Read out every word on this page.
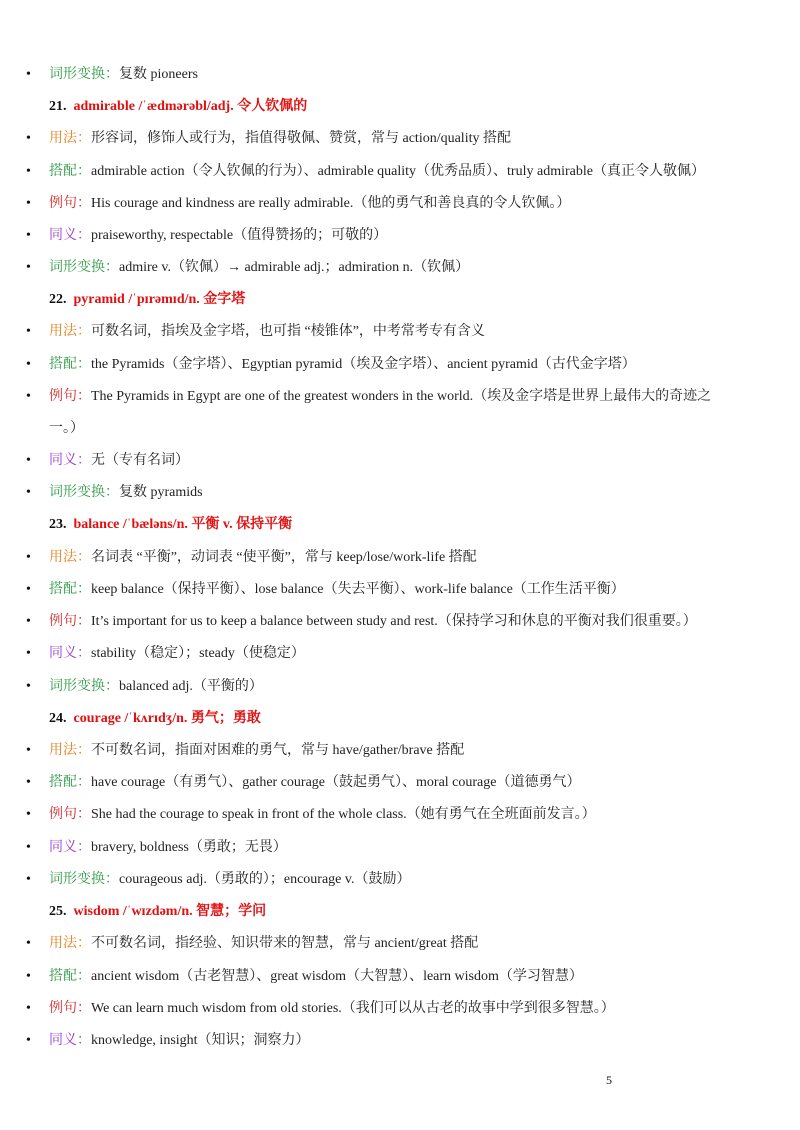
• 词形变换：复数 pioneers
21. admirable /ˈædmərəbl/adj. 令人钦佩的
• 用法：形容词，修饰人或行为，指值得敬佩、赞赏，常与 action/quality 搭配
• 搭配：admirable action（令人钦佩的行为）、admirable quality（优秀品质）、truly admirable（真正令人敬佩）
• 例句：His courage and kindness are really admirable.（他的勇气和善良真的令人钦佩。）
• 同义：praiseworthy, respectable（值得赞扬的；可敬的）
• 词形变换：admire v.（钦佩）→ admirable adj.；admiration n.（钦佩）
22. pyramid /ˈpɪrəmɪd/n. 金字塔
• 用法：可数名词，指埃及金字塔，也可指 “棱锥体”，中考常考专有含义
• 搭配：the Pyramids（金字塔）、Egyptian pyramid（埃及金字塔）、ancient pyramid（古代金字塔）
• 例句：The Pyramids in Egypt are one of the greatest wonders in the world.（埃及金字塔是世界上最伟大的奇迹之
一。）
• 同义：无（专有名词）
• 词形变换：复数 pyramids
23. balance /ˈbæləns/n. 平衡 v. 保持平衡
• 用法：名词表 “平衡”，动词表 “使平衡”，常与 keep/lose/work-life 搭配
• 搭配：keep balance（保持平衡）、lose balance（失去平衡）、work-life balance（工作生活平衡）
• 例句：It’s important for us to keep a balance between study and rest.（保持学习和休息的平衡对我们很重要。）
• 同义：stability（稳定）；steady（使稳定）
• 词形变换：balanced adj.（平衡的）
24. courage /ˈkʌrɪdʒ/n. 勇气；勇敢
• 用法：不可数名词，指面对困难的勇气，常与 have/gather/brave 搭配
• 搭配：have courage（有勇气）、gather courage（鼓起勇气）、moral courage（道德勇气）
• 例句：She had the courage to speak in front of the whole class.（她有勇气在全班面前发言。）
• 同义：bravery, boldness（勇敢；无畏）
• 词形变换：courageous adj.（勇敢的）；encourage v.（鼓励）
25. wisdom /ˈwɪzdəm/n. 智慧；学问
• 用法：不可数名词，指经验、知识带来的智慧，常与 ancient/great 搭配
• 搭配：ancient wisdom（古老智慧）、great wisdom（大智慧）、learn wisdom（学习智慧）
• 例句：We can learn much wisdom from old stories.（我们可以从古老的故事中学到很多智慧。）
• 同义：knowledge, insight（知识；洞察力）
5
